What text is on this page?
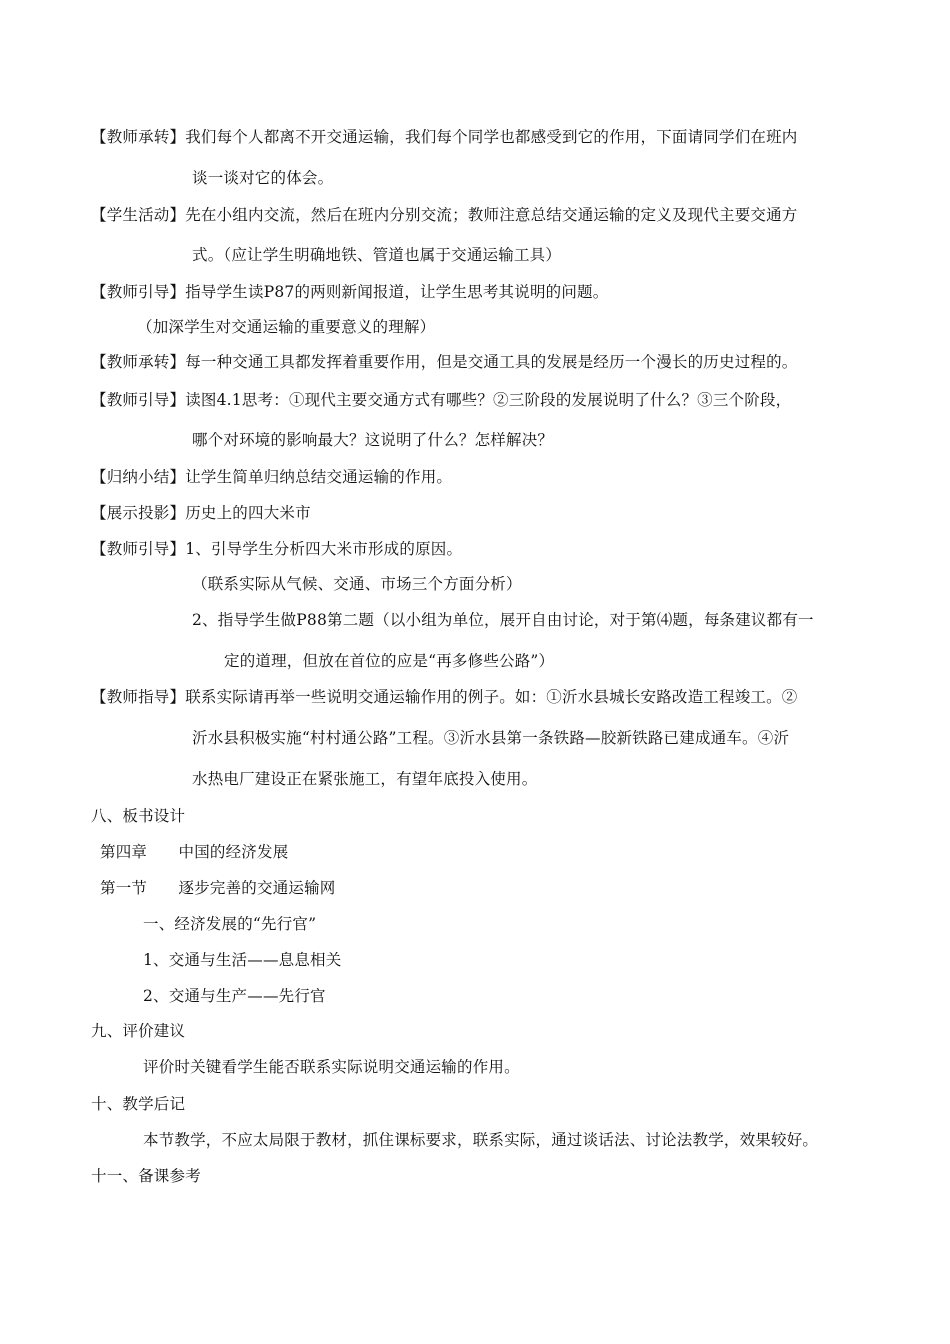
【教师承转】我们每个人都离不开交通运输，我们每个同学也都感受到它的作用，下面请同学们在班内
谈一谈对它的体会。
【学生活动】先在小组内交流，然后在班内分别交流；教师注意总结交通运输的定义及现代主要交通方
式。（应让学生明确地铁、管道也属于交通运输工具）
【教师引导】指导学生读P87的两则新闻报道，让学生思考其说明的问题。
（加深学生对交通运输的重要意义的理解）
【教师承转】每一种交通工具都发挥着重要作用，但是交通工具的发展是经历一个漫长的历史过程的。
【教师引导】读图4.1思考：①现代主要交通方式有哪些？②三阶段的发展说明了什么？③三个阶段，
哪个对环境的影响最大？这说明了什么？怎样解决？
【归纳小结】让学生简单归纳总结交通运输的作用。
【展示投影】历史上的四大米市
【教师引导】1、引导学生分析四大米市形成的原因。
（联系实际从气候、交通、市场三个方面分析）
2、指导学生做P88第二题（以小组为单位，展开自由讨论，对于第⑷题，每条建议都有一
定的道理，但放在首位的应是“再多修些公路”）
【教师指导】联系实际请再举一些说明交通运输作用的例子。如：①沂水县城长安路改造工程竣工。②
沂水县积极实施“村村通公路”工程。③沂水县第一条铁路—胶新铁路已建成通车。④沂
水热电厂建设正在紧张施工，有望年底投入使用。
八、板书设计
第四章　　中国的经济发展
第一节　　逐步完善的交通运输网
一、经济发展的“先行官”
1、交通与生活——息息相关
2、交通与生产——先行官
九、评价建议
评价时关键看学生能否联系实际说明交通运输的作用。
十、教学后记
本节教学，不应太局限于教材，抓住课标要求，联系实际，通过谈话法、讨论法教学，效果较好。
十一、备课参考
